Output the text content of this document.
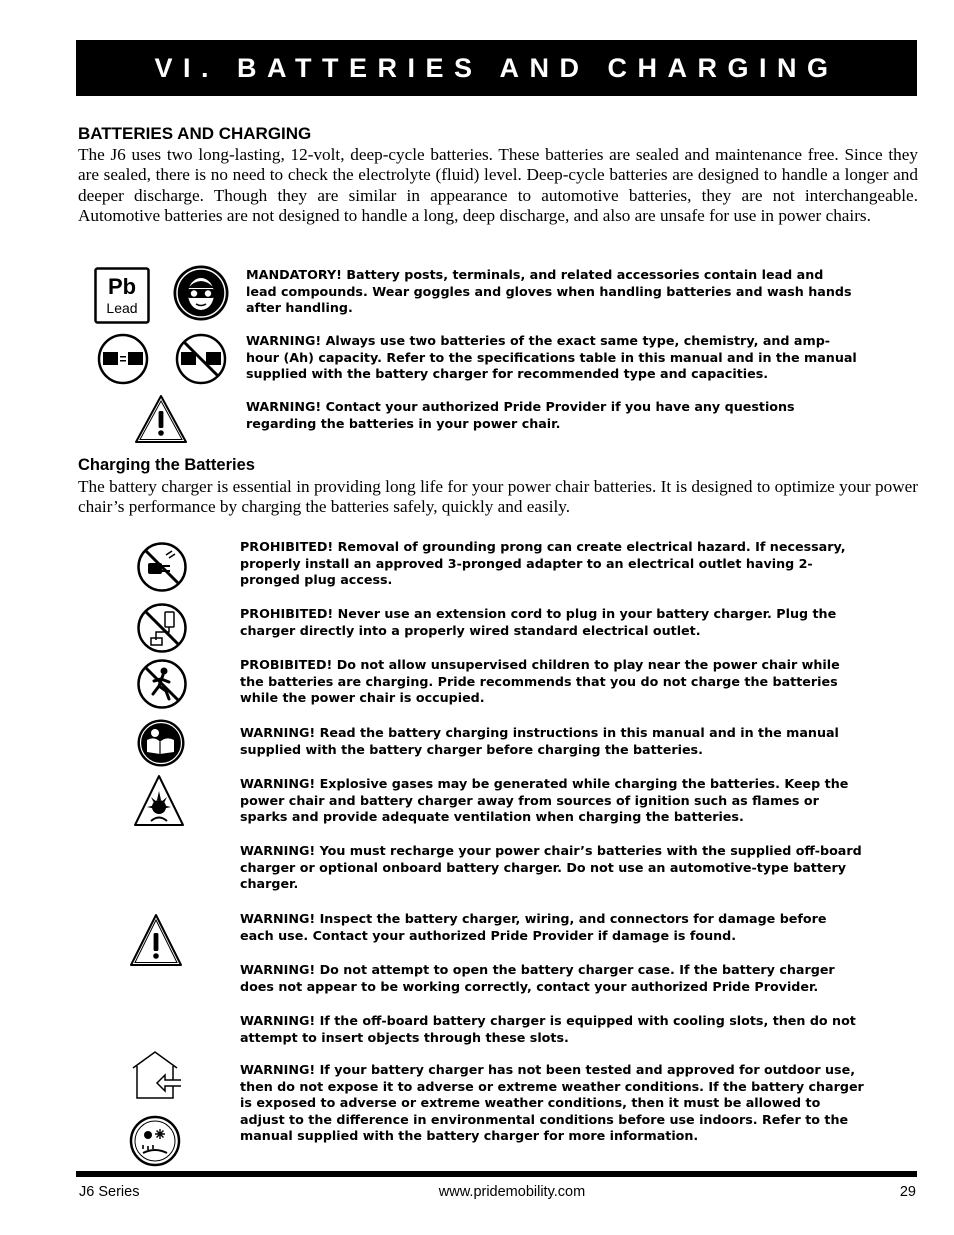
VI. BATTERIES AND CHARGING
BATTERIES AND CHARGING
The J6 uses two long-lasting, 12-volt, deep-cycle batteries. These batteries are sealed and maintenance free. Since they are sealed, there is no need to check the electrolyte (fluid) level. Deep-cycle batteries are designed to handle a longer and deeper discharge. Though they are similar in appearance to automotive batteries, they are not interchangeable. Automotive batteries are not designed to handle a long, deep discharge, and also are unsafe for use in power chairs.
Pb
Lead
MANDATORY! Battery posts, terminals, and related accessories contain lead and
lead compounds. Wear goggles and gloves when handling batteries and wash hands
after handling.
WARNING! Always use two batteries of the exact same type, chemistry, and amp-
hour (Ah) capacity. Refer to the specifications table in this manual and in the manual
supplied with the battery charger for recommended type and capacities.
WARNING! Contact your authorized Pride Provider if you have any questions
regarding the batteries in your power chair.
Charging the Batteries
The battery charger is essential in providing long life for your power chair batteries. It is designed to optimize your power chair’s performance by charging the batteries safely, quickly and easily.
PROHIBITED! Removal of grounding prong can create electrical hazard. If necessary,
properly install an approved 3-pronged adapter to an electrical outlet having 2-
pronged plug access.
PROHIBITED! Never use an extension cord to plug in your battery charger. Plug the
charger directly into a properly wired standard electrical outlet.
PROBIBITED! Do not allow unsupervised children to play near the power chair while
the batteries are charging. Pride recommends that you do not charge the batteries
while the power chair is occupied.
WARNING! Read the battery charging instructions in this manual and in the manual
supplied with the battery charger before charging the batteries.
WARNING! Explosive gases may be generated while charging the batteries. Keep the
power chair and battery charger away from sources of ignition such as flames or
sparks and provide adequate ventilation when charging the batteries.
WARNING! You must recharge your power chair’s batteries with the supplied off-board
charger or optional onboard battery charger. Do not use an automotive-type battery
charger.
WARNING! Inspect the battery charger, wiring, and connectors for damage before
each use. Contact your authorized Pride Provider if damage is found.
WARNING! Do not attempt to open the battery charger case. If the battery charger
does not appear to be working correctly, contact your authorized Pride Provider.
WARNING! If the off-board battery charger is equipped with cooling slots, then do not
attempt to insert objects through these slots.
WARNING! If your battery charger has not been tested and approved for outdoor use,
then do not expose it to adverse or extreme weather conditions. If the battery charger
is exposed to adverse or extreme weather conditions, then it must be allowed to
adjust to the difference in environmental conditions before use indoors. Refer to the
manual supplied with the battery charger for more information.
J6 Series	www.pridemobility.com	29
